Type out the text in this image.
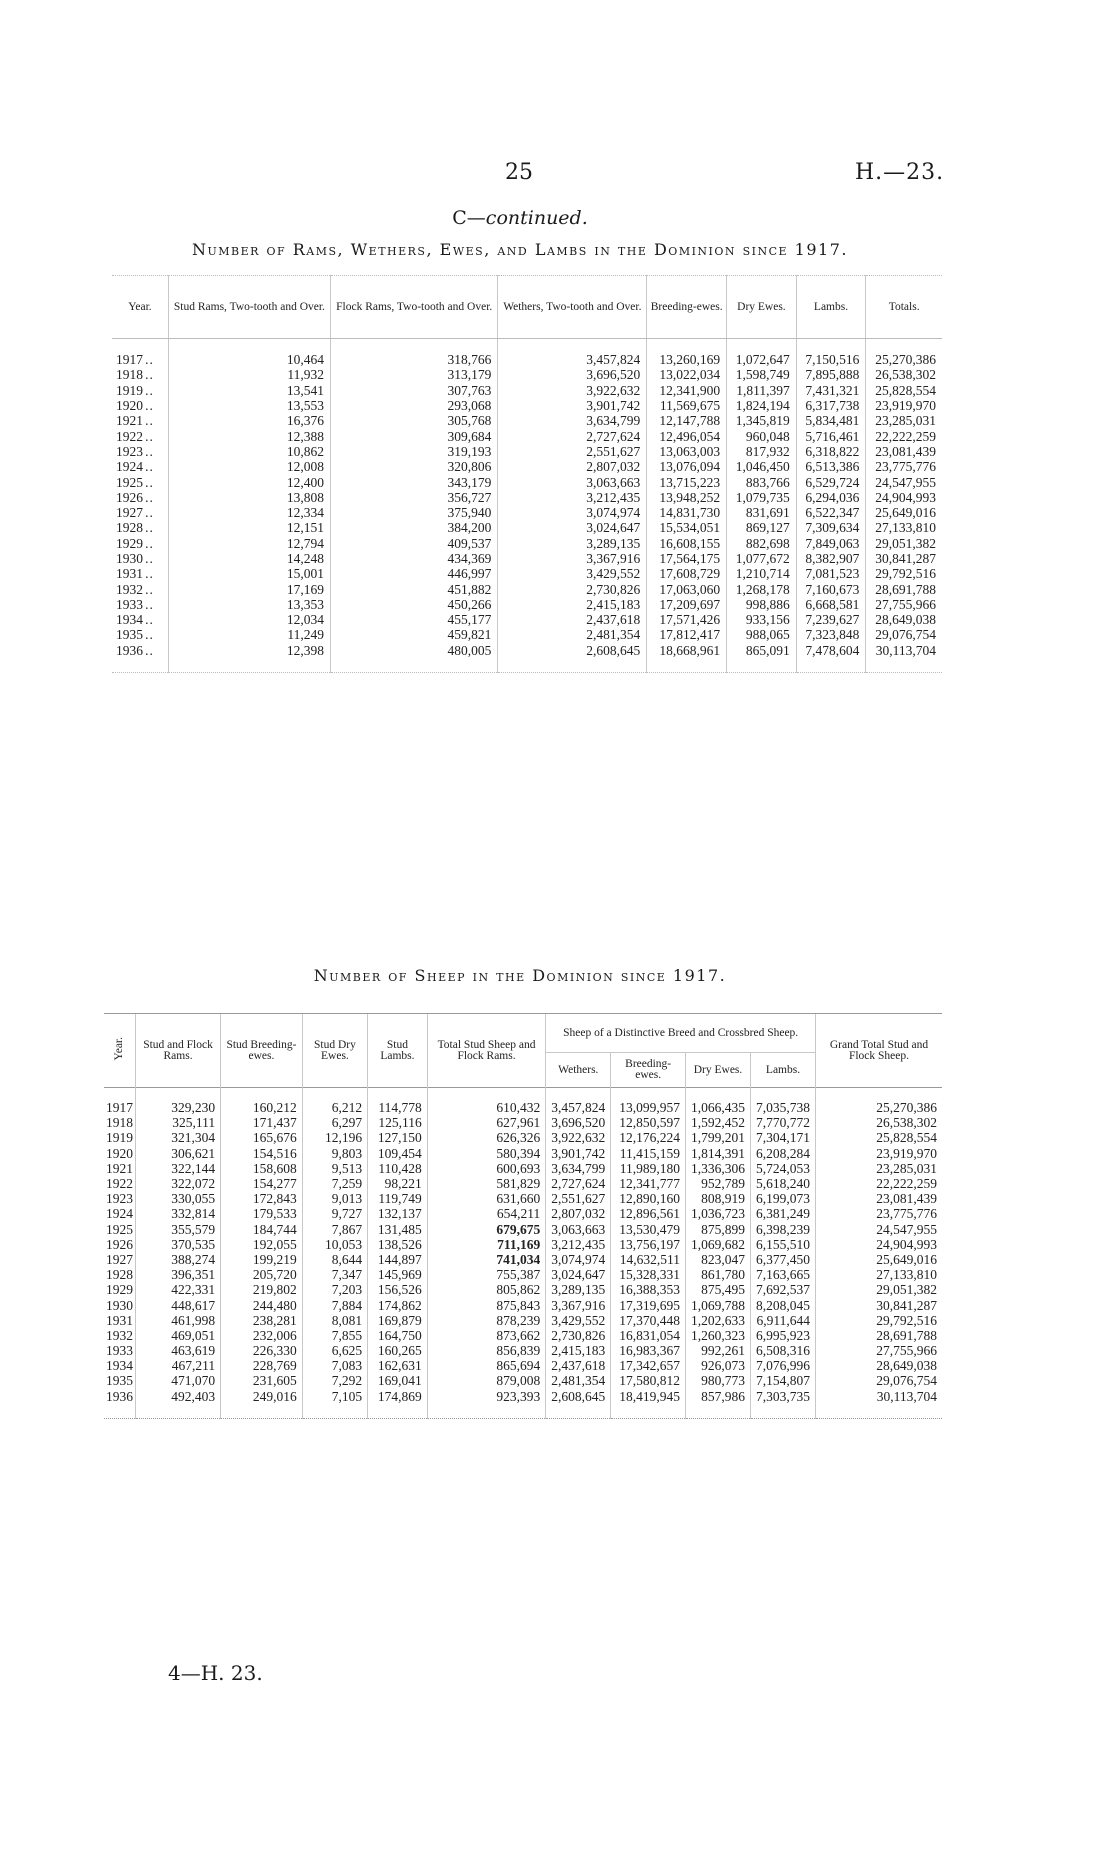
25	H.—23.
C—continued.
Number of Rams, Wethers, Ewes, and Lambs in the Dominion since 1917.
Year.	Stud Rams, Two-tooth and Over.	Flock Rams, Two-tooth and Over.	Wethers, Two-tooth and Over.	Breeding-ewes.	Dry Ewes.	Lambs.	Totals.
1917 ..	10,464	318,766	3,457,824	13,260,169	1,072,647	7,150,516	25,270,386
1918 ..	11,932	313,179	3,696,520	13,022,034	1,598,749	7,895,888	26,538,302
1919 ..	13,541	307,763	3,922,632	12,341,900	1,811,397	7,431,321	25,828,554
1920 ..	13,553	293,068	3,901,742	11,569,675	1,824,194	6,317,738	23,919,970
1921 ..	16,376	305,768	3,634,799	12,147,788	1,345,819	5,834,481	23,285,031
1922 ..	12,388	309,684	2,727,624	12,496,054	960,048	5,716,461	22,222,259
1923 ..	10,862	319,193	2,551,627	13,063,003	817,932	6,318,822	23,081,439
1924 ..	12,008	320,806	2,807,032	13,076,094	1,046,450	6,513,386	23,775,776
1925 ..	12,400	343,179	3,063,663	13,715,223	883,766	6,529,724	24,547,955
1926 ..	13,808	356,727	3,212,435	13,948,252	1,079,735	6,294,036	24,904,993
1927 ..	12,334	375,940	3,074,974	14,831,730	831,691	6,522,347	25,649,016
1928 ..	12,151	384,200	3,024,647	15,534,051	869,127	7,309,634	27,133,810
1929 ..	12,794	409,537	3,289,135	16,608,155	882,698	7,849,063	29,051,382
1930 ..	14,248	434,369	3,367,916	17,564,175	1,077,672	8,382,907	30,841,287
1931 ..	15,001	446,997	3,429,552	17,608,729	1,210,714	7,081,523	29,792,516
1932 ..	17,169	451,882	2,730,826	17,063,060	1,268,178	7,160,673	28,691,788
1933 ..	13,353	450,266	2,415,183	17,209,697	998,886	6,668,581	27,755,966
1934 ..	12,034	455,177	2,437,618	17,571,426	933,156	7,239,627	28,649,038
1935 ..	11,249	459,821	2,481,354	17,812,417	988,065	7,323,848	29,076,754
1936 ..	12,398	480,005	2,608,645	18,668,961	865,091	7,478,604	30,113,704
Number of Sheep in the Dominion since 1917.
Year.	Stud and Flock Rams.	Stud Breeding-ewes.	Stud Dry Ewes.	Stud Lambs.	Total Stud Sheep and Flock Rams.	Sheep of a Distinctive Breed and Crossbred Sheep.				Grand Total Stud and Flock Sheep.
						Wethers.	Breeding-ewes.	Dry Ewes.	Lambs.	
1917	329,230	160,212	6,212	114,778	610,432	3,457,824	13,099,957	1,066,435	7,035,738	25,270,386
1918	325,111	171,437	6,297	125,116	627,961	3,696,520	12,850,597	1,592,452	7,770,772	26,538,302
1919	321,304	165,676	12,196	127,150	626,326	3,922,632	12,176,224	1,799,201	7,304,171	25,828,554
1920	306,621	154,516	9,803	109,454	580,394	3,901,742	11,415,159	1,814,391	6,208,284	23,919,970
1921	322,144	158,608	9,513	110,428	600,693	3,634,799	11,989,180	1,336,306	5,724,053	23,285,031
1922	322,072	154,277	7,259	98,221	581,829	2,727,624	12,341,777	952,789	5,618,240	22,222,259
1923	330,055	172,843	9,013	119,749	631,660	2,551,627	12,890,160	808,919	6,199,073	23,081,439
1924	332,814	179,533	9,727	132,137	654,211	2,807,032	12,896,561	1,036,723	6,381,249	23,775,776
1925	355,579	184,744	7,867	131,485	679,675	3,063,663	13,530,479	875,899	6,398,239	24,547,955
1926	370,535	192,055	10,053	138,526	711,169	3,212,435	13,756,197	1,069,682	6,155,510	24,904,993
1927	388,274	199,219	8,644	144,897	741,034	3,074,974	14,632,511	823,047	6,377,450	25,649,016
1928	396,351	205,720	7,347	145,969	755,387	3,024,647	15,328,331	861,780	7,163,665	27,133,810
1929	422,331	219,802	7,203	156,526	805,862	3,289,135	16,388,353	875,495	7,692,537	29,051,382
1930	448,617	244,480	7,884	174,862	875,843	3,367,916	17,319,695	1,069,788	8,208,045	30,841,287
1931	461,998	238,281	8,081	169,879	878,239	3,429,552	17,370,448	1,202,633	6,911,644	29,792,516
1932	469,051	232,006	7,855	164,750	873,662	2,730,826	16,831,054	1,260,323	6,995,923	28,691,788
1933	463,619	226,330	6,625	160,265	856,839	2,415,183	16,983,367	992,261	6,508,316	27,755,966
1934	467,211	228,769	7,083	162,631	865,694	2,437,618	17,342,657	926,073	7,076,996	28,649,038
1935	471,070	231,605	7,292	169,041	879,008	2,481,354	17,580,812	980,773	7,154,807	29,076,754
1936	492,403	249,016	7,105	174,869	923,393	2,608,645	18,419,945	857,986	7,303,735	30,113,704
4—H. 23.
